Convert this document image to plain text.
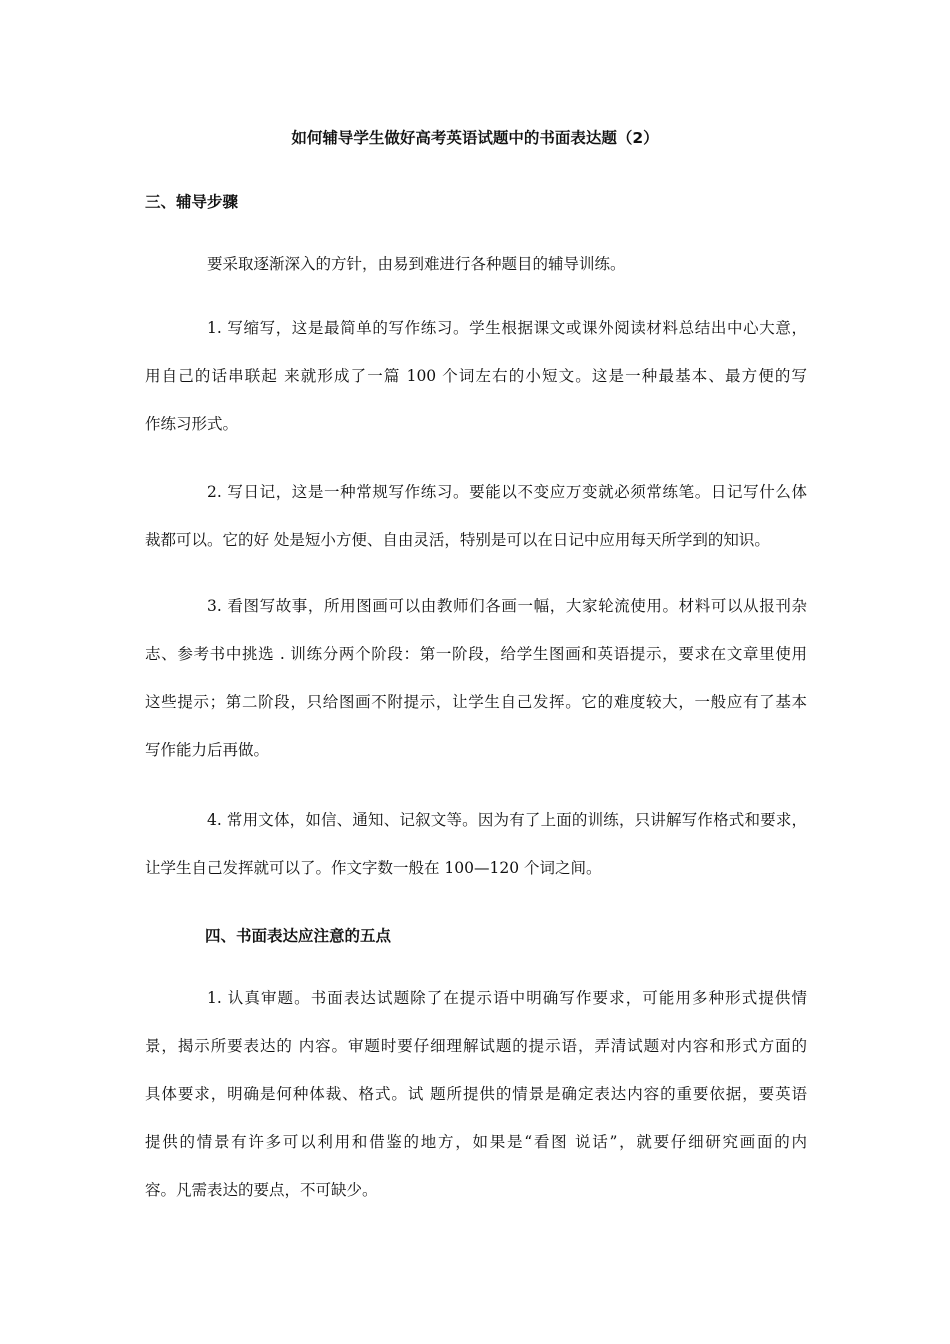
如何辅导学生做好高考英语试题中的书面表达题（2）
三、辅导步骤

要采取逐渐深入的方针，由易到难进行各种题目的辅导训练。

1. 写缩写，这是最简单的写作练习。学生根据课文或课外阅读材料总结出中心大意，
用自己的话串联起 来就形成了一篇 100 个词左右的小短文。这是一种最基本、最方便的写
作练习形式。

2. 写日记，这是一种常规写作练习。要能以不变应万变就必须常练笔。日记写什么体
裁都可以。它的好 处是短小方便、自由灵活，特别是可以在日记中应用每天所学到的知识。

3. 看图写故事，所用图画可以由教师们各画一幅，大家轮流使用。材料可以从报刊杂
志、参考书中挑选 . 训练分两个阶段：第一阶段，给学生图画和英语提示，要求在文章里使用
这些提示；第二阶段，只给图画不附提示，让学生自己发挥。它的难度较大，一般应有了基本
写作能力后再做。

4. 常用文体，如信、通知、记叙文等。因为有了上面的训练，只讲解写作格式和要求，
让学生自己发挥就可以了。作文字数一般在 100—120 个词之间。

四、书面表达应注意的五点

1. 认真审题。书面表达试题除了在提示语中明确写作要求，可能用多种形式提供情
景，揭示所要表达的 内容。审题时要仔细理解试题的提示语，弄清试题对内容和形式方面的
具体要求，明确是何种体裁、格式。试 题所提供的情景是确定表达内容的重要依据，要英语
提供的情景有许多可以利用和借鉴的地方，如果是“看图 说话”，就要仔细研究画面的内
容。凡需表达的要点，不可缺少。
